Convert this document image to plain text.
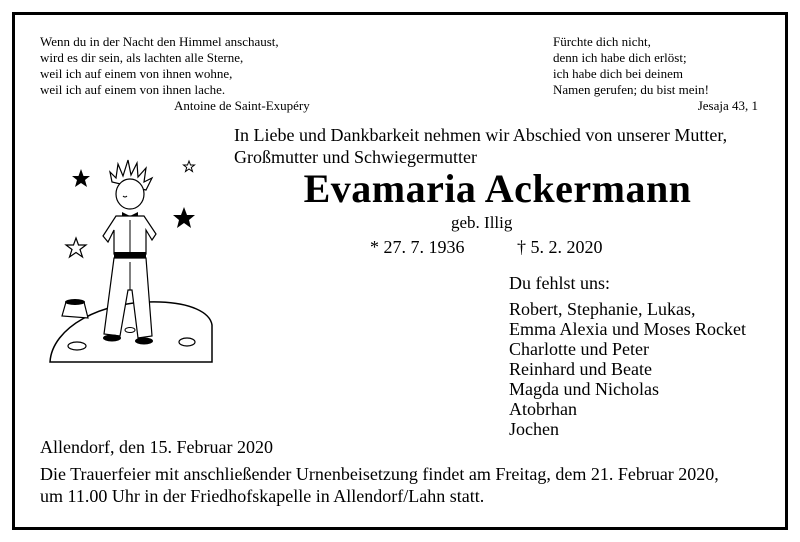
Wenn du in der Nacht den Himmel anschaust,
wird es dir sein, als lachten alle Sterne,
weil ich auf einem von ihnen wohne,
weil ich auf einem von ihnen lache.
Antoine de Saint-Exupéry
Fürchte dich nicht,
denn ich habe dich erlöst;
ich habe dich bei deinem
Namen gerufen; du bist mein!
Jesaja 43, 1
In Liebe und Dankbarkeit nehmen wir Abschied von unserer Mutter,
Großmutter und Schwiegermutter
Evamaria Ackermann
geb. Illig
* 27. 7. 1936	† 5. 2. 2020
Du fehlst uns:
Robert, Stephanie, Lukas,
Emma Alexia und Moses Rocket
Charlotte und Peter
Reinhard und Beate
Magda und Nicholas
Atobrhan
Jochen
Allendorf, den 15. Februar 2020
Die Trauerfeier mit anschließender Urnenbeisetzung findet am Freitag, dem 21. Februar 2020,
um 11.00 Uhr in der Friedhofskapelle in Allendorf/Lahn statt.
